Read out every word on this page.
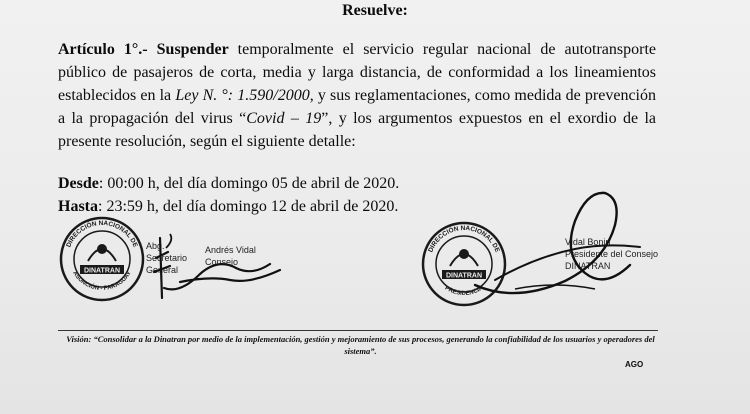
Resuelve:
Artículo 1°.- Suspender temporalmente el servicio regular nacional de autotransporte público de pasajeros de corta, media y larga distancia, de conformidad a los lineamientos establecidos en la Ley N. °: 1.590/2000, y sus reglamentaciones, como medida de prevención a la propagación del virus “Covid – 19”, y los argumentos expuestos en el exordio de la presente resolución, según el siguiente detalle:
Desde: 00:00 h, del día domingo 05 de abril de 2020.
Hasta: 23:59 h, del día domingo 12 de abril de 2020.
DIRECCIÓN NACIONAL DE
ASUNCIÓN - PARAGUAY
DINATRAN
Abg.
Secretario
General
Andrés Vidal
Consejo
DIRECCIÓN NACIONAL DE
PRESIDENCIA
DINATRAN
Vidal Bonin
Presidente del Consejo
DINATRAN
Visión: “Consolidar a la Dinatran por medio de la implementación, gestión y mejoramiento de sus procesos, generando la confiabilidad de los usuarios y operadores del sistema”.
AGO
